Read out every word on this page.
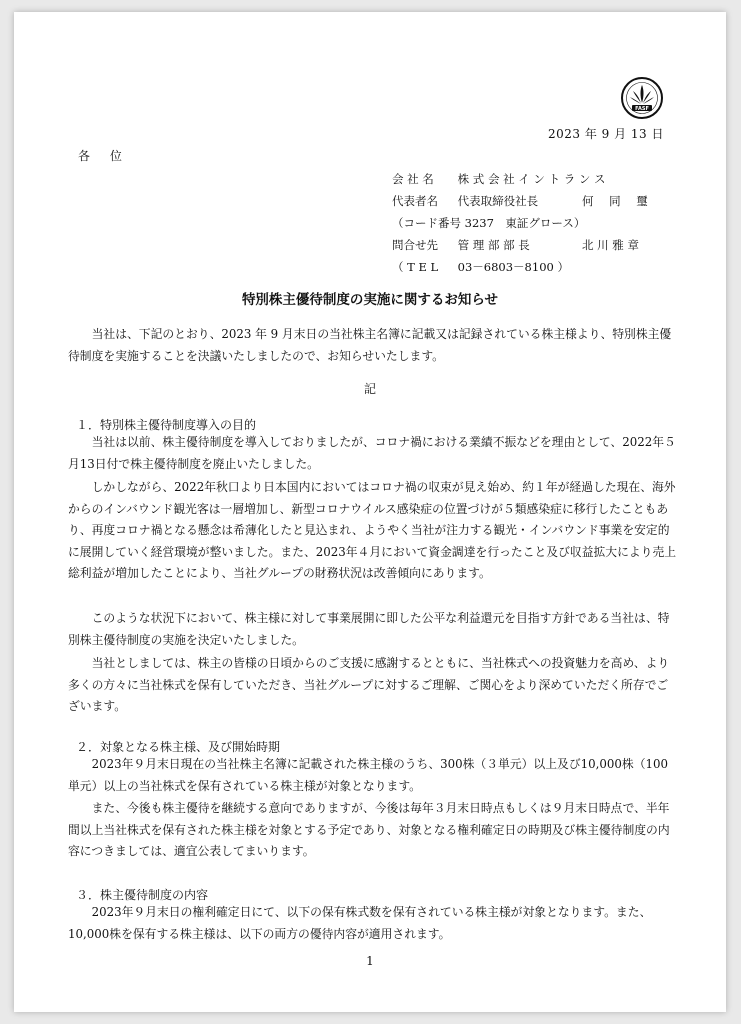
FASF
2023 年 9 月 13 日
各 位
会 社 名 株 式 会 社 イ ン ト ラ ン ス
代表者名 代表取締役社長	何 同 璽
（コード番号 3237　東証グロース）
問合せ先 管 理 部 部 長	北 川 雅 章
（ T E L 03－6803－8100 ）
特別株主優待制度の実施に関するお知らせ
当社は、下記のとおり、2023 年 9 月末日の当社株主名簿に記載又は記録されている株主様より、特別株主優待制度を実施することを決議いたしましたので、お知らせいたします。
記
１．特別株主優待制度導入の目的
当社は以前、株主優待制度を導入しておりましたが、コロナ禍における業績不振などを理由として、2022年５月13日付で株主優待制度を廃止いたしました。
しかしながら、2022年秋口より日本国内においてはコロナ禍の収束が見え始め、約１年が経過した現在、海外からのインバウンド観光客は一層増加し、新型コロナウイルス感染症の位置づけが５類感染症に移行したこともあり、再度コロナ禍となる懸念は希薄化したと見込まれ、ようやく当社が注力する観光・インバウンド事業を安定的に展開していく経営環境が整いました。また、2023年４月において資金調達を行ったこと及び収益拡大により売上総利益が増加したことにより、当社グループの財務状況は改善傾向にあります。
このような状況下において、株主様に対して事業展開に即した公平な利益還元を目指す方針である当社は、特別株主優待制度の実施を決定いたしました。
当社としましては、株主の皆様の日頃からのご支援に感謝するとともに、当社株式への投資魅力を高め、より多くの方々に当社株式を保有していただき、当社グループに対するご理解、ご関心をより深めていただく所存でございます。
２．対象となる株主様、及び開始時期
2023年９月末日現在の当社株主名簿に記載された株主様のうち、300株（３単元）以上及び10,000株（100単元）以上の当社株式を保有されている株主様が対象となります。
また、今後も株主優待を継続する意向でありますが、今後は毎年３月末日時点もしくは９月末日時点で、半年間以上当社株式を保有された株主様を対象とする予定であり、対象となる権利確定日の時期及び株主優待制度の内容につきましては、適宜公表してまいります。
３．株主優待制度の内容
2023年９月末日の権利確定日にて、以下の保有株式数を保有されている株主様が対象となります。また、10,000株を保有する株主様は、以下の両方の優待内容が適用されます。
1
